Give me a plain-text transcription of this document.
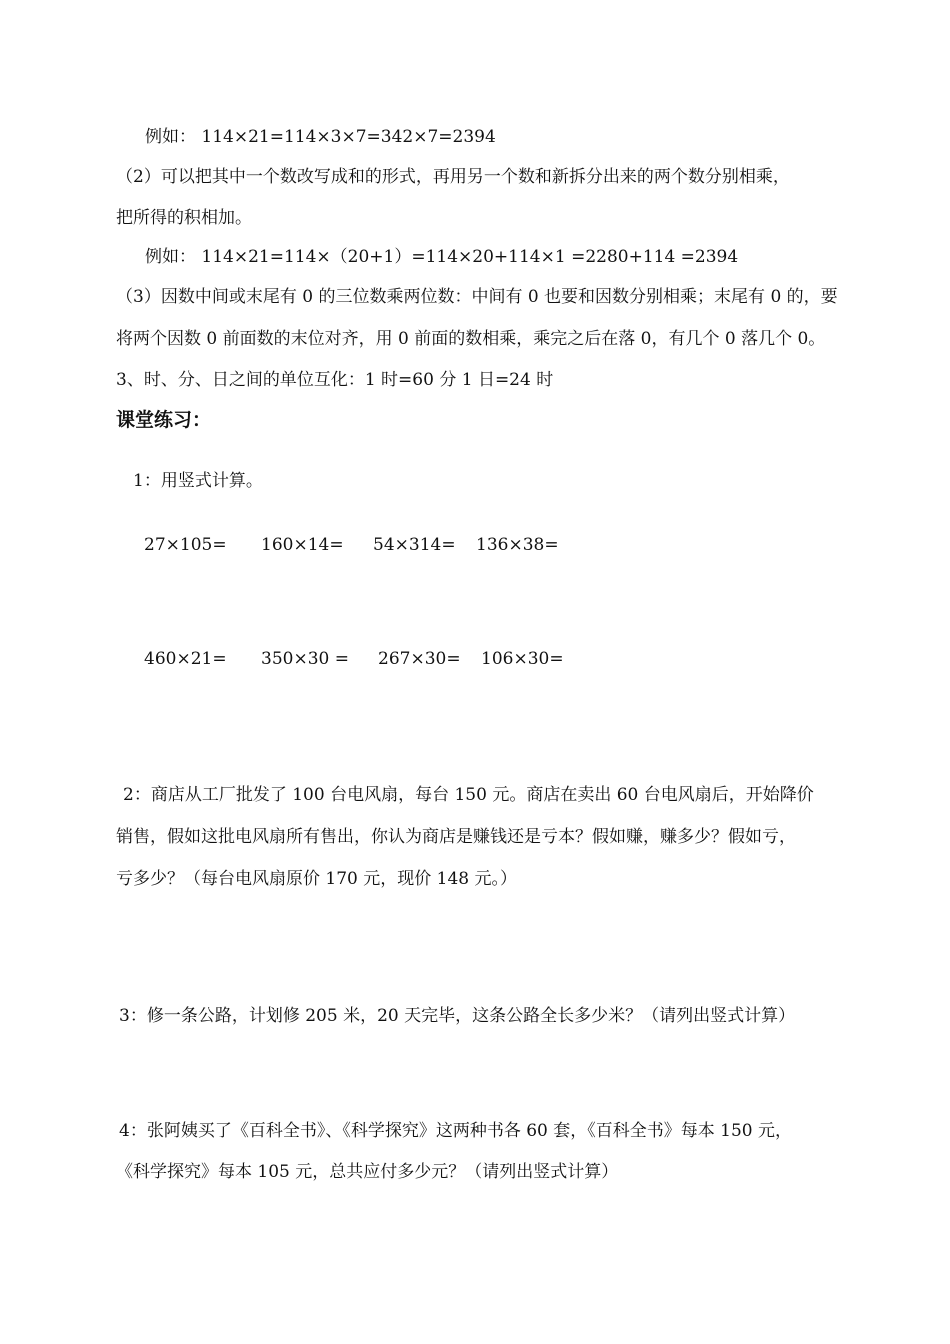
例如： 114×21=114×3×7=342×7=2394
（2）可以把其中一个数改写成和的形式，再用另一个数和新拆分出来的两个数分别相乘，
把所得的积相加。
例如： 114×21=114×（20+1）=114×20+114×1 =2280+114 =2394
（3）因数中间或末尾有 0 的三位数乘两位数：中间有 0 也要和因数分别相乘；末尾有 0 的，要
将两个因数 0 前面数的末位对齐，用 0 前面的数相乘，乘完之后在落 0，有几个 0 落几个 0。
3、时、分、日之间的单位互化：1 时=60 分 1 日=24 时
课堂练习：
1：用竖式计算。
27×105= 160×14= 54×314= 136×38=
460×21= 350×30 = 267×30= 106×30=
2：商店从工厂批发了 100 台电风扇，每台 150 元。商店在卖出 60 台电风扇后，开始降价
销售，假如这批电风扇所有售出，你认为商店是赚钱还是亏本？假如赚，赚多少？假如亏，
亏多少？（每台电风扇原价 170 元，现价 148 元。）
3：修一条公路，计划修 205 米，20 天完毕，这条公路全长多少米？（请列出竖式计算）
4：张阿姨买了《百科全书》、《科学探究》这两种书各 60 套，《百科全书》每本 150 元，
《科学探究》每本 105 元，总共应付多少元？（请列出竖式计算）
